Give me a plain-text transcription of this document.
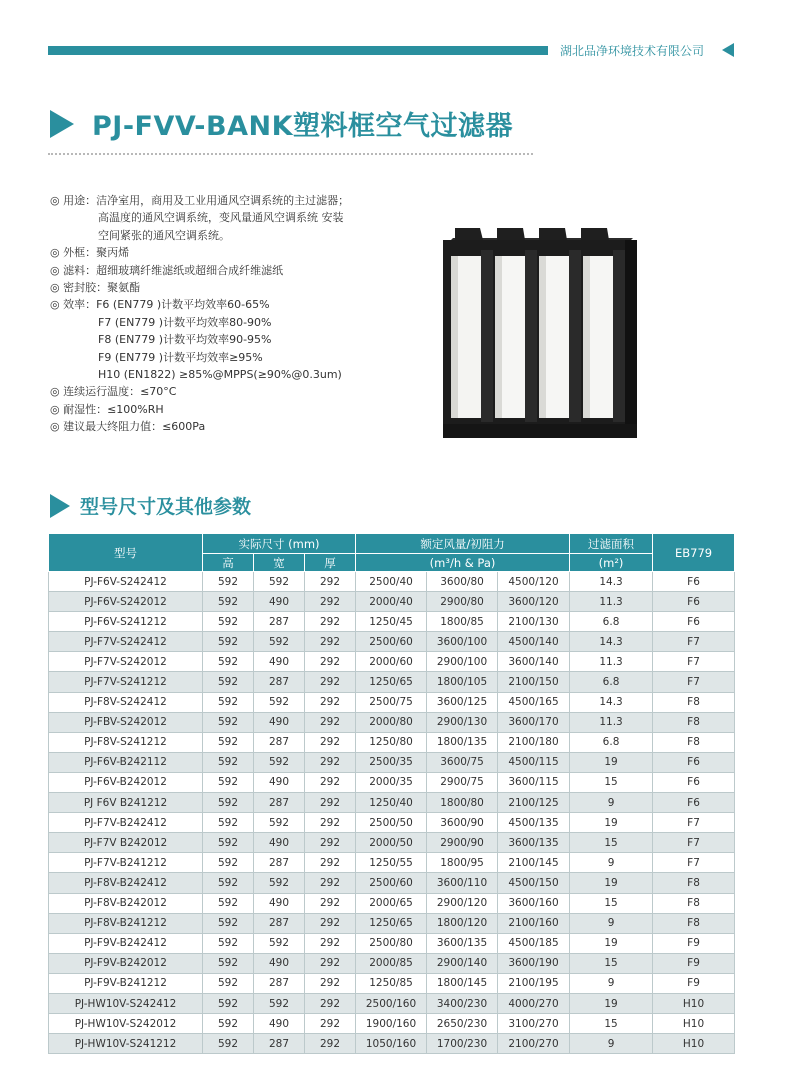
湖北品净环境技术有限公司
PJ-FVV-BANK塑料框空气过滤器
◎ 用途：洁净室用，商用及工业用通风空调系统的主过滤器；
高温度的通风空调系统，变风量通风空调系统 安装
空间紧张的通风空调系统。
◎ 外框：聚丙烯
◎ 滤料：超细玻璃纤维滤纸或超细合成纤维滤纸
◎ 密封胶：聚氨酯
◎ 效率：F6 (EN779 )计数平均效率60-65%
F7 (EN779 )计数平均效率80-90%
F8 (EN779 )计数平均效率90-95%
F9 (EN779 )计数平均效率≥95%
H10 (EN1822) ≥85%@MPPS(≥90%@0.3um)
◎ 连续运行温度：≤70°C
◎ 耐湿性：≤100%RH
◎ 建议最大终阻力值：≤600Pa
型号尺寸及其他参数
型号	实际尺寸 (mm)			额定风量/初阻力			过滤面积	EB779
	高	宽	厚	(m³/h & Pa)			(m²)	
PJ-F6V-S242412	592	592	292	2500/40	3600/80	4500/120	14.3	F6
PJ-F6V-S242012	592	490	292	2000/40	2900/80	3600/120	11.3	F6
PJ-F6V-S241212	592	287	292	1250/45	1800/85	2100/130	6.8	F6
PJ-F7V-S242412	592	592	292	2500/60	3600/100	4500/140	14.3	F7
PJ-F7V-S242012	592	490	292	2000/60	2900/100	3600/140	11.3	F7
PJ-F7V-S241212	592	287	292	1250/65	1800/105	2100/150	6.8	F7
PJ-F8V-S242412	592	592	292	2500/75	3600/125	4500/165	14.3	F8
PJ-FBV-S242012	592	490	292	2000/80	2900/130	3600/170	11.3	F8
PJ-F8V-S241212	592	287	292	1250/80	1800/135	2100/180	6.8	F8
PJ-F6V-B242112	592	592	292	2500/35	3600/75	4500/115	19	F6
PJ-F6V-B242012	592	490	292	2000/35	2900/75	3600/115	15	F6
PJ F6V B241212	592	287	292	1250/40	1800/80	2100/125	9	F6
PJ-F7V-B242412	592	592	292	2500/50	3600/90	4500/135	19	F7
PJ-F7V B242012	592	490	292	2000/50	2900/90	3600/135	15	F7
PJ-F7V-B241212	592	287	292	1250/55	1800/95	2100/145	9	F7
PJ-F8V-B242412	592	592	292	2500/60	3600/110	4500/150	19	F8
PJ-F8V-B242012	592	490	292	2000/65	2900/120	3600/160	15	F8
PJ-F8V-B241212	592	287	292	1250/65	1800/120	2100/160	9	F8
PJ-F9V-B242412	592	592	292	2500/80	3600/135	4500/185	19	F9
PJ-F9V-B242012	592	490	292	2000/85	2900/140	3600/190	15	F9
PJ-F9V-B241212	592	287	292	1250/85	1800/145	2100/195	9	F9
PJ-HW10V-S242412	592	592	292	2500/160	3400/230	4000/270	19	H10
PJ-HW10V-S242012	592	490	292	1900/160	2650/230	3100/270	15	H10
PJ-HW10V-S241212	592	287	292	1050/160	1700/230	2100/270	9	H10
